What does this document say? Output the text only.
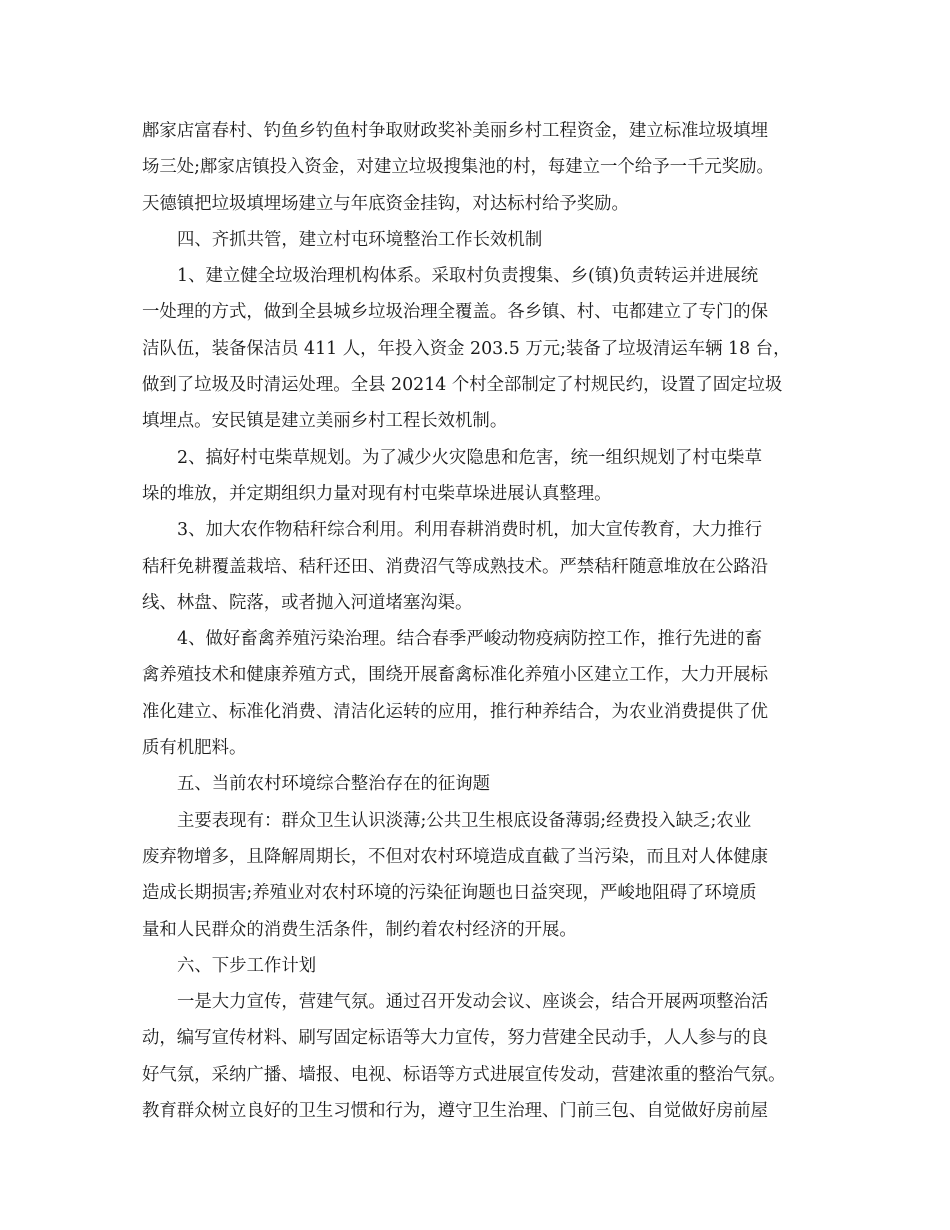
鄌家店富春村、钓鱼乡钓鱼村争取财政奖补美丽乡村工程资金，建立标准垃圾填埋
场三处;鄌家店镇投入资金，对建立垃圾搜集池的村，每建立一个给予一千元奖励。
天德镇把垃圾填埋场建立与年底资金挂钩，对达标村给予奖励。
四、齐抓共管，建立村屯环境整治工作长效机制
1、建立健全垃圾治理机构体系。采取村负责搜集、乡(镇)负责转运并进展统
一处理的方式，做到全县城乡垃圾治理全覆盖。各乡镇、村、屯都建立了专门的保
洁队伍，装备保洁员 411 人，年投入资金 203.5 万元;装备了垃圾清运车辆 18 台，
做到了垃圾及时清运处理。全县 20214 个村全部制定了村规民约，设置了固定垃圾
填埋点。安民镇是建立美丽乡村工程长效机制。
2、搞好村屯柴草规划。为了减少火灾隐患和危害，统一组织规划了村屯柴草
垛的堆放，并定期组织力量对现有村屯柴草垛进展认真整理。
3、加大农作物秸秆综合利用。利用春耕消费时机，加大宣传教育，大力推行
秸秆免耕覆盖栽培、秸秆还田、消费沼气等成熟技术。严禁秸秆随意堆放在公路沿
线、林盘、院落，或者抛入河道堵塞沟渠。
4、做好畜禽养殖污染治理。结合春季严峻动物疫病防控工作，推行先进的畜
禽养殖技术和健康养殖方式，围绕开展畜禽标准化养殖小区建立工作，大力开展标
准化建立、标准化消费、清洁化运转的应用，推行种养结合，为农业消费提供了优
质有机肥料。
五、当前农村环境综合整治存在的征询题
主要表现有：群众卫生认识淡薄;公共卫生根底设备薄弱;经费投入缺乏;农业
废弃物增多，且降解周期长，不但对农村环境造成直截了当污染，而且对人体健康
造成长期损害;养殖业对农村环境的污染征询题也日益突现，严峻地阻碍了环境质
量和人民群众的消费生活条件，制约着农村经济的开展。
六、下步工作计划
一是大力宣传，营建气氛。通过召开发动会议、座谈会，结合开展两项整治活
动，编写宣传材料、刷写固定标语等大力宣传，努力营建全民动手，人人参与的良
好气氛，采纳广播、墙报、电视、标语等方式进展宣传发动，营建浓重的整治气氛。
教育群众树立良好的卫生习惯和行为，遵守卫生治理、门前三包、自觉做好房前屋
